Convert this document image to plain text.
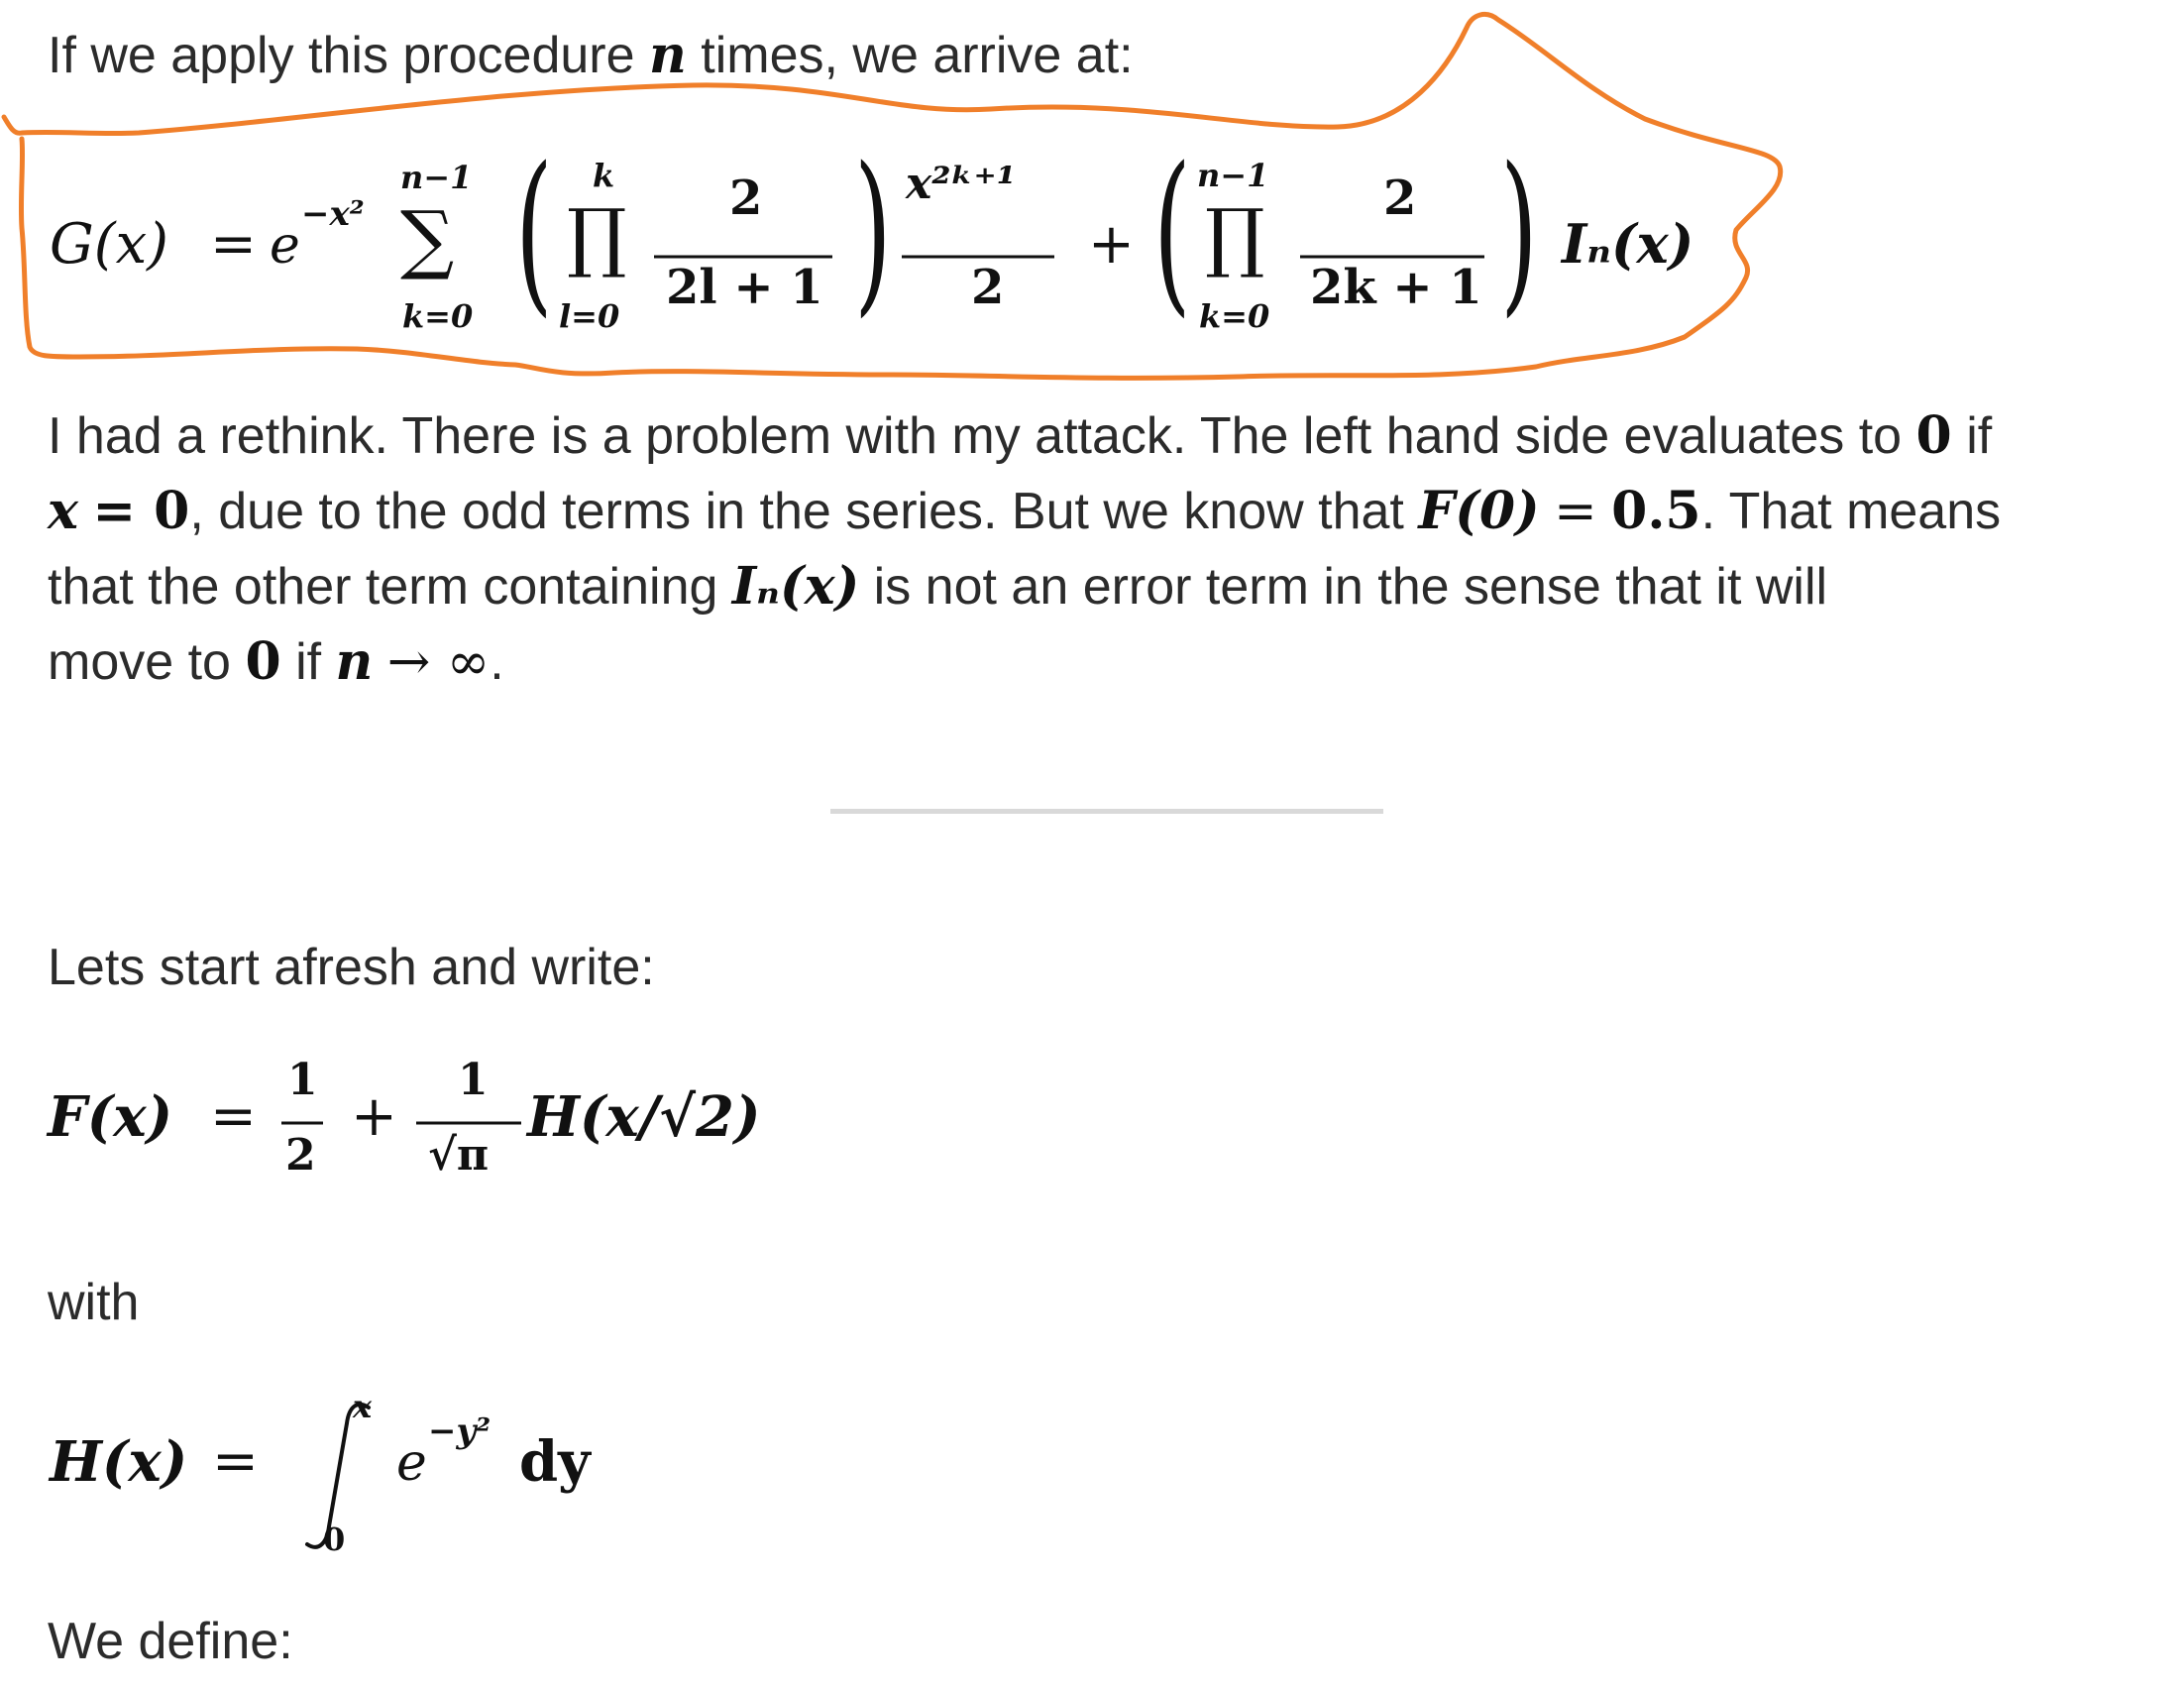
If we apply this procedure n times, we arrive at:
G(x) = e
−x²
n−1
∑
k=0 ( k
∏
l=0
2
2l + 1 ) x²ᵏ⁺¹
2
+ ( n−1
∏
k=0
2
2k + 1 ) Iₙ(x)
I had a rethink. There is a problem with my attack. The left hand side evaluates to 0 if
x = 0, due to the odd terms in the series. But we know that F(0) = 0.5. That means
that the other term containing Iₙ(x) is not an error term in the sense that it will
move to 0 if n → ∞.
Lets start afresh and write:
F(x) =
1
2
+
1
√π
H(x/√2)
with
H(x) =
x
0
e
−y² dy
We define:
